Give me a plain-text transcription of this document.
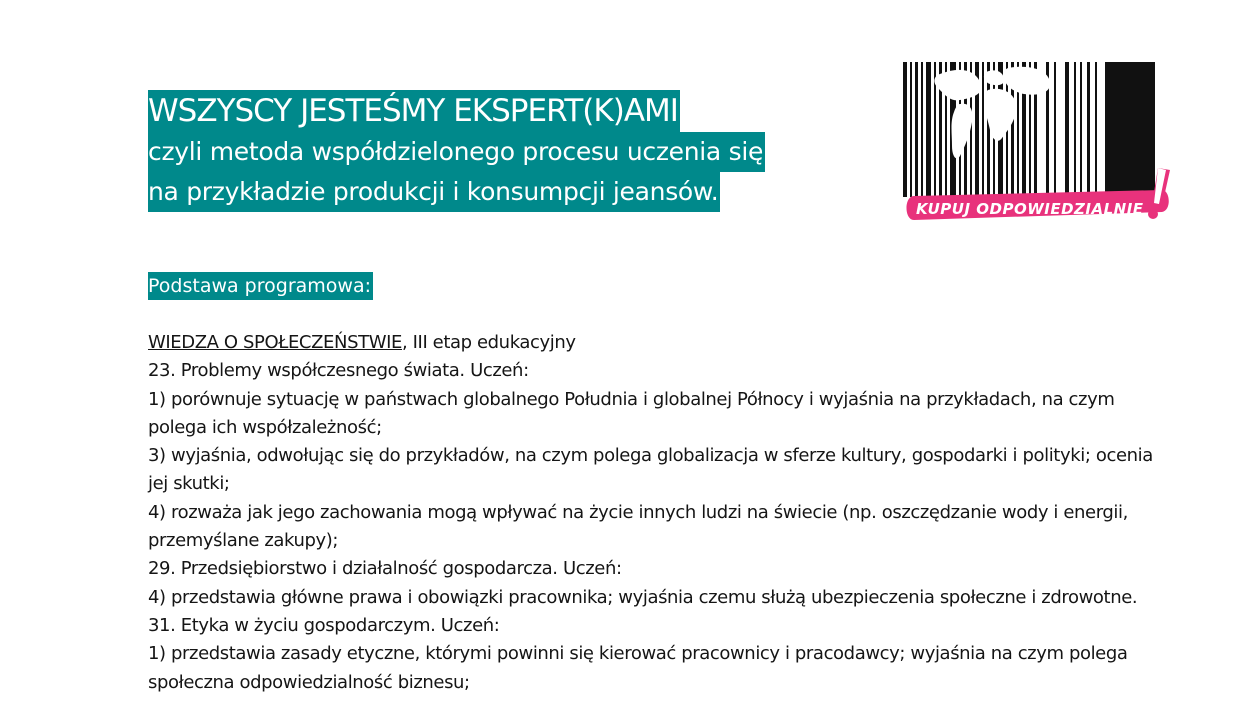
WSZYSCY JESTEŚMY EKSPERT(K)AMI
czyli metoda współdzielonego procesu uczenia się
na przykładzie produkcji i konsumpcji jeansów.
KUPUJ ODPOWIEDZIALNIE
Podstawa programowa:

WIEDZA O SPOŁECZEŃSTWIE, III etap edukacyjny

23. Problemy współczesnego świata. Uczeń:

1) porównuje sytuację w państwach globalnego Południa i globalnej Północy i wyjaśnia na przykładach, na czym polega ich współzależność;

3) wyjaśnia, odwołując się do przykładów, na czym polega globalizacja w sferze kultury, gospodarki i polityki; ocenia jej skutki;

4) rozważa jak jego zachowania mogą wpływać na życie innych ludzi na świecie (np. oszczędzanie wody i energii, przemyślane zakupy);

29. Przedsiębiorstwo i działalność gospodarcza. Uczeń:

4) przedstawia główne prawa i obowiązki pracownika; wyjaśnia czemu służą ubezpieczenia społeczne i zdrowotne.

31. Etyka w życiu gospodarczym. Uczeń:

1) przedstawia zasady etyczne, którymi powinni się kierować pracownicy i pracodawcy; wyjaśnia na czym polega społeczna odpowiedzialność biznesu;
